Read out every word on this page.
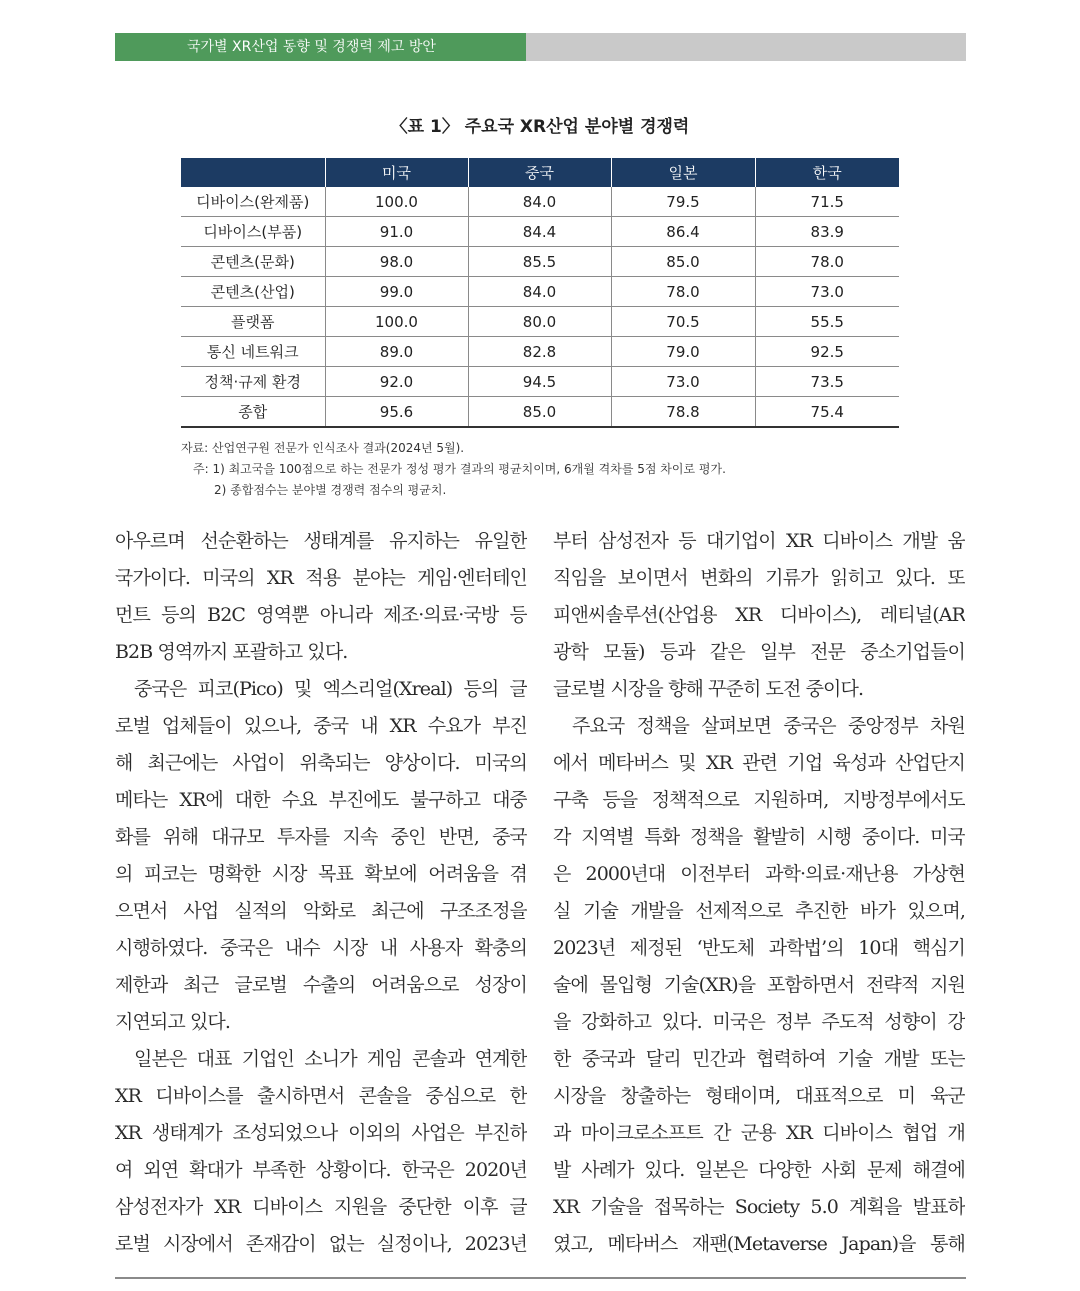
국가별 XR산업 동향 및 경쟁력 제고 방안
〈표 1〉 주요국 XR산업 분야별 경쟁력
	미국	중국	일본	한국
디바이스(완제품)	100.0	84.0	79.5	71.5
디바이스(부품)	91.0	84.4	86.4	83.9
콘텐츠(문화)	98.0	85.5	85.0	78.0
콘텐츠(산업)	99.0	84.0	78.0	73.0
플랫폼	100.0	80.0	70.5	55.5
통신 네트워크	89.0	82.8	79.0	92.5
정책·규제 환경	92.0	94.5	73.0	73.5
종합	95.6	85.0	78.8	75.4
자료: 산업연구원 전문가 인식조사 결과(2024년 5월).
주: 1) 최고국을 100점으로 하는 전문가 정성 평가 결과의 평균치이며, 6개월 격차를 5점 차이로 평가.
2) 종합점수는 분야별 경쟁력 점수의 평균치.
아우르며 선순환하는 생태계를 유지하는 유일한
국가이다. 미국의 XR 적용 분야는 게임·엔터테인
먼트 등의 B2C 영역뿐 아니라 제조·의료·국방 등
B2B 영역까지 포괄하고 있다.
중국은 피코(Pico) 및 엑스리얼(Xreal) 등의 글
로벌 업체들이 있으나, 중국 내 XR 수요가 부진
해 최근에는 사업이 위축되는 양상이다. 미국의
메타는 XR에 대한 수요 부진에도 불구하고 대중
화를 위해 대규모 투자를 지속 중인 반면, 중국
의 피코는 명확한 시장 목표 확보에 어려움을 겪
으면서 사업 실적의 악화로 최근에 구조조정을
시행하였다. 중국은 내수 시장 내 사용자 확충의
제한과 최근 글로벌 수출의 어려움으로 성장이
지연되고 있다.
일본은 대표 기업인 소니가 게임 콘솔과 연계한
XR 디바이스를 출시하면서 콘솔을 중심으로 한
XR 생태계가 조성되었으나 이외의 사업은 부진하
여 외연 확대가 부족한 상황이다. 한국은 2020년
삼성전자가 XR 디바이스 지원을 중단한 이후 글
로벌 시장에서 존재감이 없는 실정이나, 2023년
부터 삼성전자 등 대기업이 XR 디바이스 개발 움
직임을 보이면서 변화의 기류가 읽히고 있다. 또
피앤씨솔루션(산업용 XR 디바이스), 레티널(AR
광학 모듈) 등과 같은 일부 전문 중소기업들이
글로벌 시장을 향해 꾸준히 도전 중이다.
주요국 정책을 살펴보면 중국은 중앙정부 차원
에서 메타버스 및 XR 관련 기업 육성과 산업단지
구축 등을 정책적으로 지원하며, 지방정부에서도
각 지역별 특화 정책을 활발히 시행 중이다. 미국
은 2000년대 이전부터 과학·의료·재난용 가상현
실 기술 개발을 선제적으로 추진한 바가 있으며,
2023년 제정된 ‘반도체 과학법’의 10대 핵심기
술에 몰입형 기술(XR)을 포함하면서 전략적 지원
을 강화하고 있다. 미국은 정부 주도적 성향이 강
한 중국과 달리 민간과 협력하여 기술 개발 또는
시장을 창출하는 형태이며, 대표적으로 미 육군
과 마이크로소프트 간 군용 XR 디바이스 협업 개
발 사례가 있다. 일본은 다양한 사회 문제 해결에
XR 기술을 접목하는 Society 5.0 계획을 발표하
였고, 메타버스 재팬(Metaverse Japan)을 통해
